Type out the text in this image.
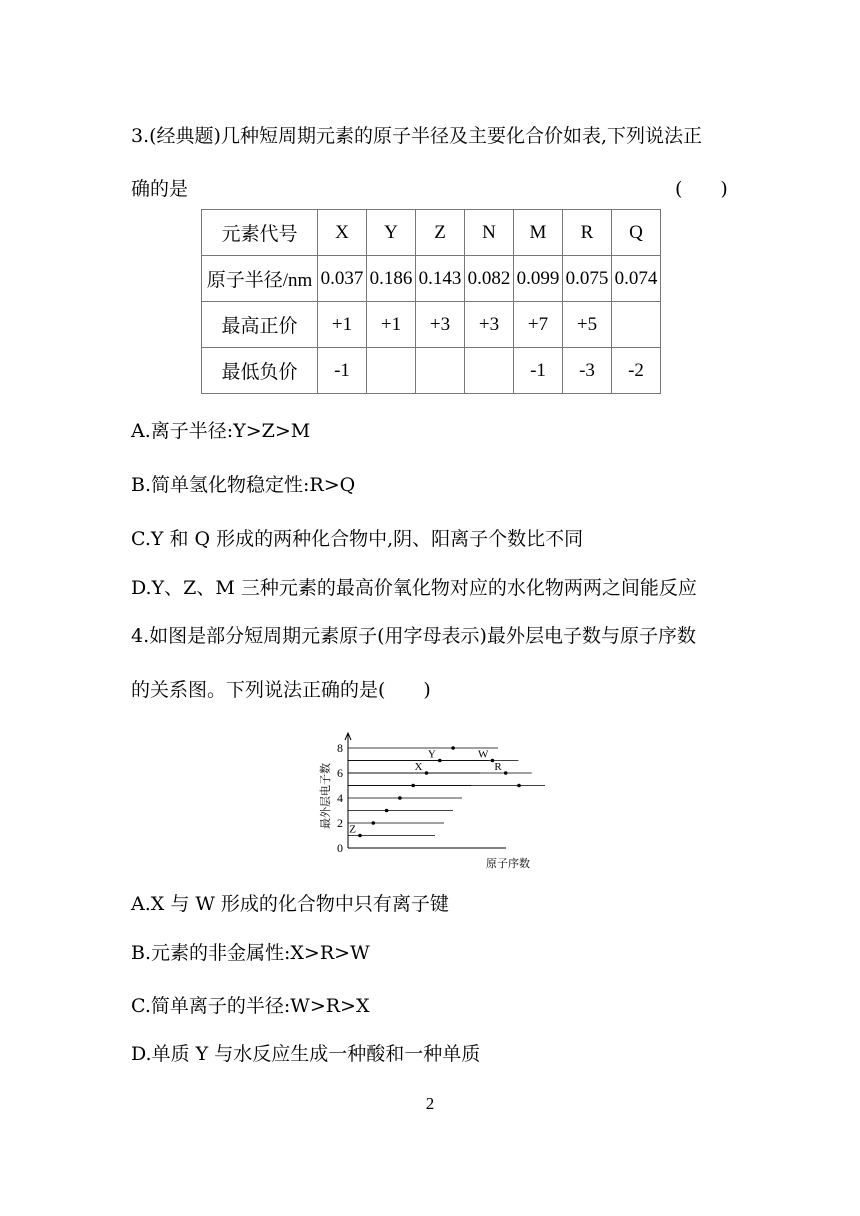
3.(经典题)几种短周期元素的原子半径及主要化合价如表,下列说法正
确的是	(　　)
元素代号	X	Y	Z	N	M	R	Q
原子半径/nm	0.037	0.186	0.143	0.082	0.099	0.075	0.074
最高正价	+1	+1	+3	+3	+7	+5	
最低负价	-1				-1	-3	-2
A.离子半径:Y>Z>M
B.简单氢化物稳定性:R>Q
C.Y 和 Q 形成的两种化合物中,阴、阳离子个数比不同
D.Y、Z、M 三种元素的最高价氧化物对应的水化物两两之间能反应
4.如图是部分短周期元素原子(用字母表示)最外层电子数与原子序数
的关系图。下列说法正确的是(　　)
0
2
4
6
8
最外层电子数
原子序数
Z
X
Y	W
R
A.X 与 W 形成的化合物中只有离子键
B.元素的非金属性:X>R>W
C.简单离子的半径:W>R>X
D.单质 Y 与水反应生成一种酸和一种单质
2
